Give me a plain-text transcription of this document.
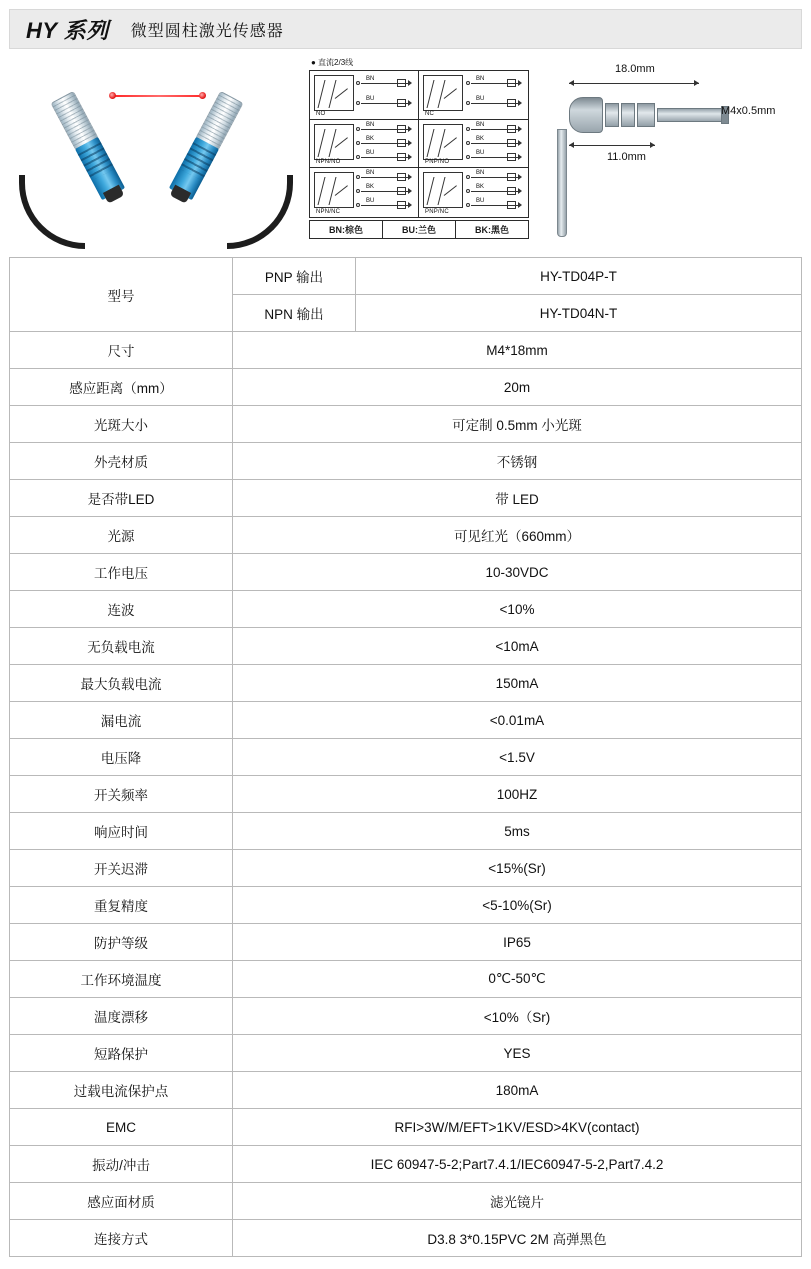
HY 系列 微型圆柱激光传感器
● 直流2/3线
NO
BN
BU
NC
BN
BU
NPN/NO
BN
BK
BU
PNP/NO
BN
BK
BU
NPN/NC
BN
BK
BU
PNP/NC
BN
BK
BU
BN:棕色	BU:兰色	BK:黑色
18.0mm
M4x0.5mm
11.0mm
型号	PNP 输出	HY-TD04P-T
	NPN 输出	HY-TD04N-T
尺寸	M4*18mm	
感应距离（mm）	20m	
光斑大小	可定制 0.5mm 小光斑	
外壳材质	不锈钢	
是否带LED	带 LED	
光源	可见红光（660mm）	
工作电压	10-30VDC	
连波	<10%	
无负载电流	<10mA	
最大负载电流	150mA	
漏电流	<0.01mA	
电压降	<1.5V	
开关频率	100HZ	
响应时间	5ms	
开关迟滞	<15%(Sr)	
重复精度	<5-10%(Sr)	
防护等级	IP65	
工作环境温度	0℃-50℃	
温度漂移	<10%（Sr)	
短路保护	YES	
过载电流保护点	180mA	
EMC	RFI>3W/M/EFT>1KV/ESD>4KV(contact)	
振动/冲击	IEC 60947-5-2;Part7.4.1/IEC60947-5-2,Part7.4.2	
感应面材质	滤光镜片	
连接方式	D3.8 3*0.15PVC 2M 高弹黑色	
